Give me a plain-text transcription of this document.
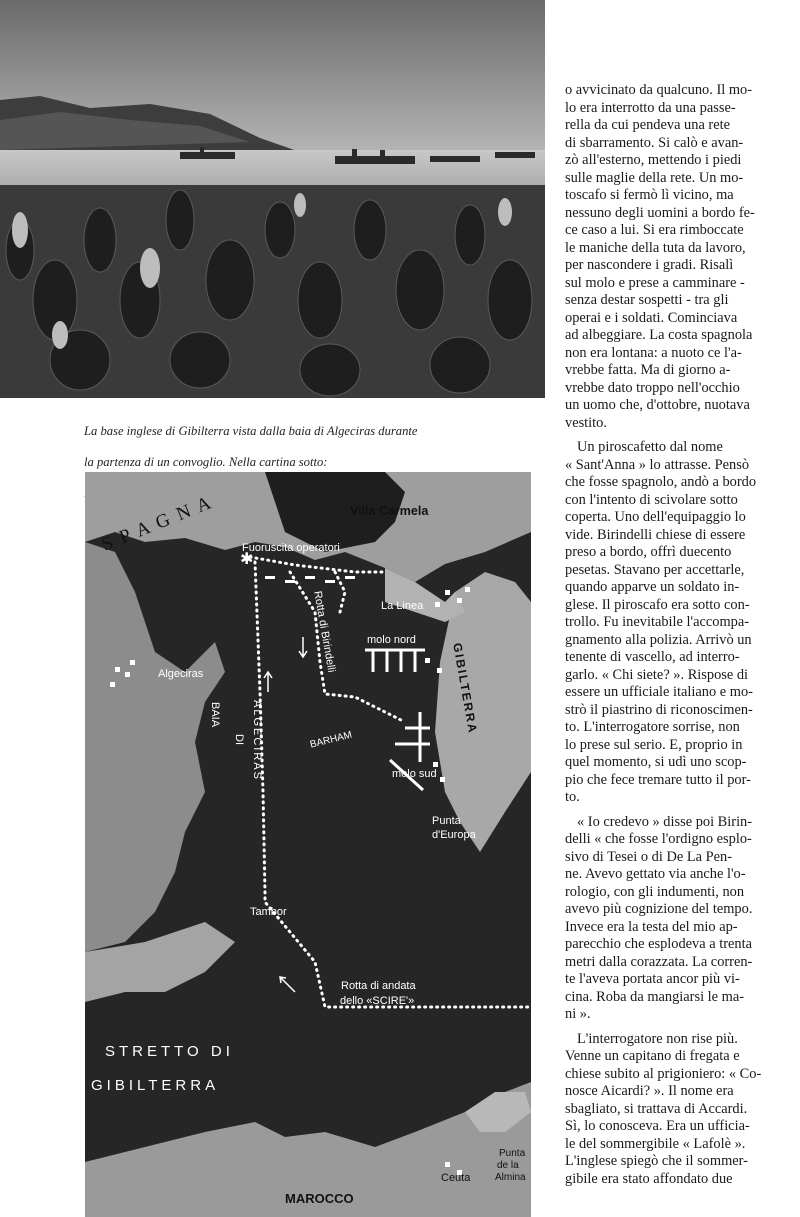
La base inglese di Gibilterra vista dalla baia di Algeciras durante

la partenza di un convoglio. Nella cartina sotto:

✱
S P A G N A	Villa Carmela
Fuoruscita operatori
Rotta di Birindelli	La Linea
molo nord
Algeciras
BARHAM
molo sud
GIBILTERRA
BAIA
DI ALGECIRAS
Punta
d'Europa
Tambor
Rotta di andata
dello «SCIRE'»
STRETTO DI
GIBILTERRA
Punta
de la
Almina
Ceuta
MAROCCO

o avvicinato da qualcuno. Il mo-
lo era interrotto da una passe-
rella da cui pendeva una rete
di sbarramento. Si calò e avan-
zò all'esterno, mettendo i piedi
sulle maglie della rete. Un mo-
toscafo si fermò lì vicino, ma
nessuno degli uomini a bordo fe-
ce caso a lui. Si era rimboccate
le maniche della tuta da lavoro,
per nascondere i gradi. Risalì
sul molo e prese a camminare -
senza destar sospetti - tra gli
operai e i soldati. Cominciava
ad albeggiare. La costa spagnola
non era lontana: a nuoto ce l'a-
vrebbe fatta. Ma di giorno a-
vrebbe dato troppo nell'occhio
un uomo che, d'ottobre, nuotava
vestito.

Un piroscafetto dal nome
« Sant'Anna » lo attrasse. Pensò
che fosse spagnolo, andò a bordo
con l'intento di scivolare sotto
coperta. Uno dell'equipaggio lo
vide. Birindelli chiese di essere
preso a bordo, offrì duecento
pesetas. Stavano per accettarle,
quando apparve un soldato in-
glese. Il piroscafo era sotto con-
trollo. Fu inevitabile l'accompa-
gnamento alla polizia. Arrivò un
tenente di vascello, ad interro-
garlo. « Chi siete? ». Rispose di
essere un ufficiale italiano e mo-
strò il piastrino di riconoscimen-
to. L'interrogatore sorrise, non
lo prese sul serio. E, proprio in
quel momento, si udì uno scop-
pio che fece tremare tutto il por-
to.

« Io credevo » disse poi Birin-
delli « che fosse l'ordigno esplo-
sivo di Tesei o di De La Pen-
ne. Avevo gettato via anche l'o-
rologio, con gli indumenti, non
avevo più cognizione del tempo.
Invece era la testa del mio ap-
parecchio che esplodeva a trenta
metri dalla corazzata. La corren-
te l'aveva portata ancor più vi-
cina. Roba da mangiarsi le ma-
ni ».

L'interrogatore non rise più.
Venne un capitano di fregata e
chiese subito al prigioniero: « Co-
nosce Aicardi? ». Il nome era
sbagliato, si trattava di Accardi.
Sì, lo conosceva. Era un ufficia-
le del sommergibile « Lafolè ».
L'inglese spiegò che il sommer-
gibile era stato affondato due
